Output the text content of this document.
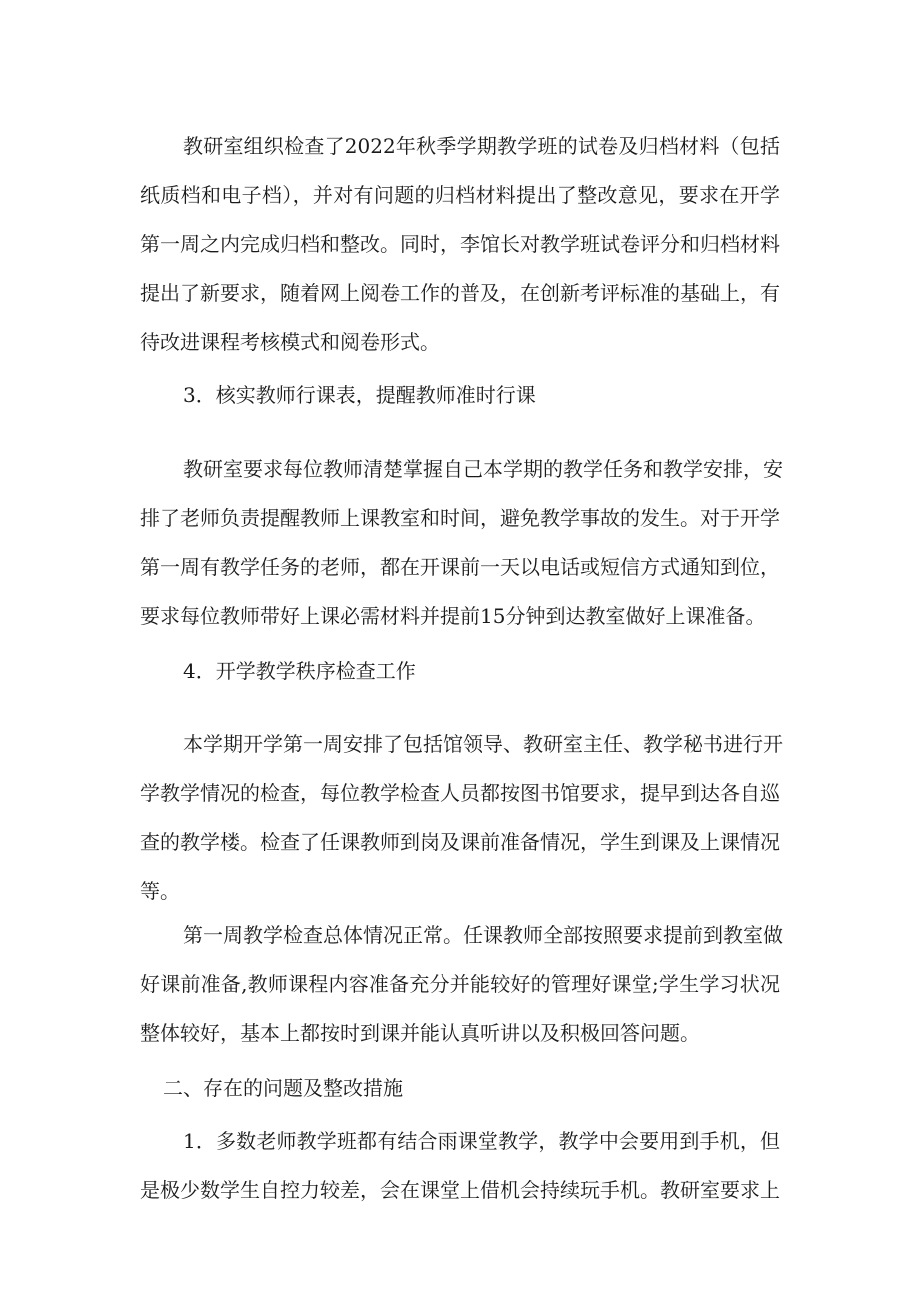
教研室组织检查了2022年秋季学期教学班的试卷及归档材料（包括
纸质档和电子档），并对有问题的归档材料提出了整改意见，要求在开学
第一周之内完成归档和整改。同时，李馆长对教学班试卷评分和归档材料
提出了新要求，随着网上阅卷工作的普及，在创新考评标准的基础上，有
待改进课程考核模式和阅卷形式。
3．核实教师行课表，提醒教师准时行课
教研室要求每位教师清楚掌握自己本学期的教学任务和教学安排，安
排了老师负责提醒教师上课教室和时间，避免教学事故的发生。对于开学
第一周有教学任务的老师，都在开课前一天以电话或短信方式通知到位，
要求每位教师带好上课必需材料并提前15分钟到达教室做好上课准备。
4．开学教学秩序检查工作
本学期开学第一周安排了包括馆领导、教研室主任、教学秘书进行开
学教学情况的检查，每位教学检查人员都按图书馆要求，提早到达各自巡
查的教学楼。检查了任课教师到岗及课前准备情况，学生到课及上课情况
等。
第一周教学检查总体情况正常。任课教师全部按照要求提前到教室做
好课前准备,教师课程内容准备充分并能较好的管理好课堂;学生学习状况
整体较好，基本上都按时到课并能认真听讲以及积极回答问题。
二、存在的问题及整改措施
1．多数老师教学班都有结合雨课堂教学，教学中会要用到手机，但
是极少数学生自控力较差，会在课堂上借机会持续玩手机。教研室要求上
